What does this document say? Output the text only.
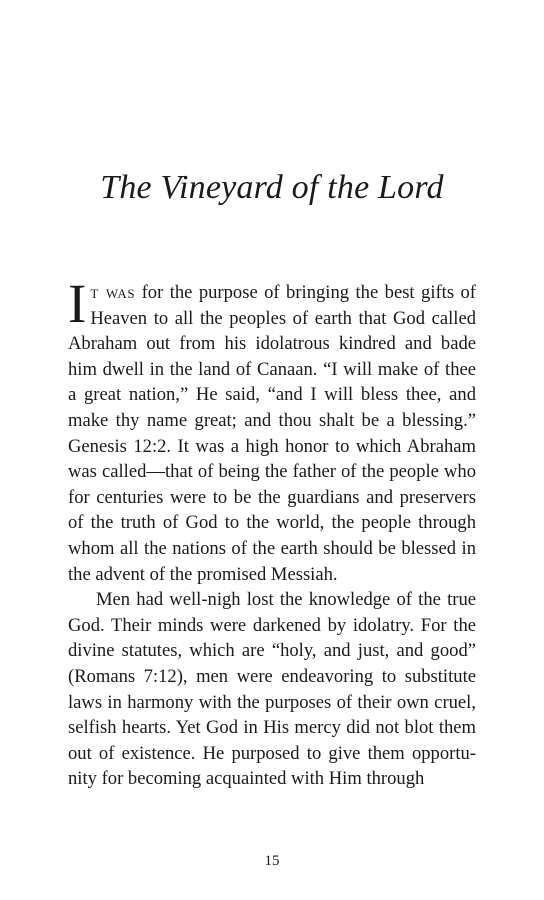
The Vineyard of the Lord

It was for the purpose of bringing the best gifts of Heaven to all the peoples of earth that God called Abraham out from his idolatrous kindred and bade him dwell in the land of Canaan. “I will make of thee a great nation,” He said, “and I will bless thee, and make thy name great; and thou shalt be a blessing.” Genesis 12:2. It was a high honor to which Abraham was called—that of being the father of the people who for centuries were to be the guardians and preservers of the truth of God to the world, the people through whom all the nations of the earth should be blessed in the advent of the promised Messiah.

Men had well-nigh lost the knowledge of the true God. Their minds were darkened by idolatry. For the divine statutes, which are “holy, and just, and good” (Romans 7:12), men were endeavoring to substitute laws in harmony with the purposes of their own cruel, selfish hearts. Yet God in His mercy did not blot them out of existence. He purposed to give them opportunity for becoming acquainted with Him through

15
